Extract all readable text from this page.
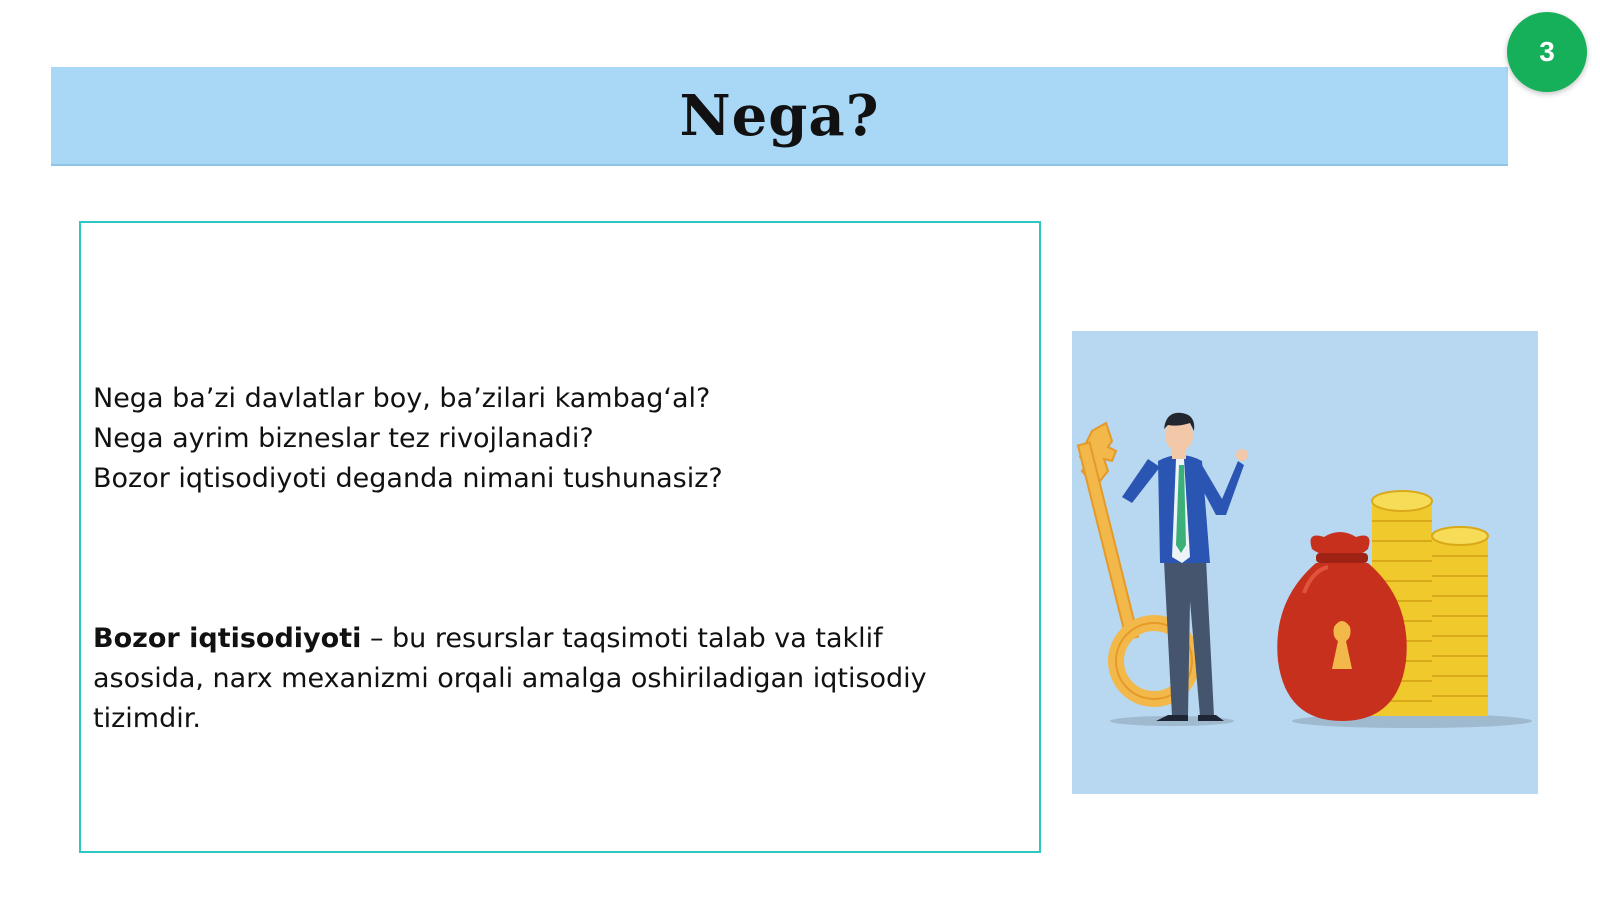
Nega?
3
Nega ba’zi davlatlar boy, ba’zilari kambag‘al?
Nega ayrim bizneslar tez rivojlanadi?
Bozor iqtisodiyoti deganda nimani tushunasiz?
Bozor iqtisodiyoti – bu resurslar taqsimoti talab va taklif asosida, narx mexanizmi orqali amalga oshiriladigan iqtisodiy tizimdir.
